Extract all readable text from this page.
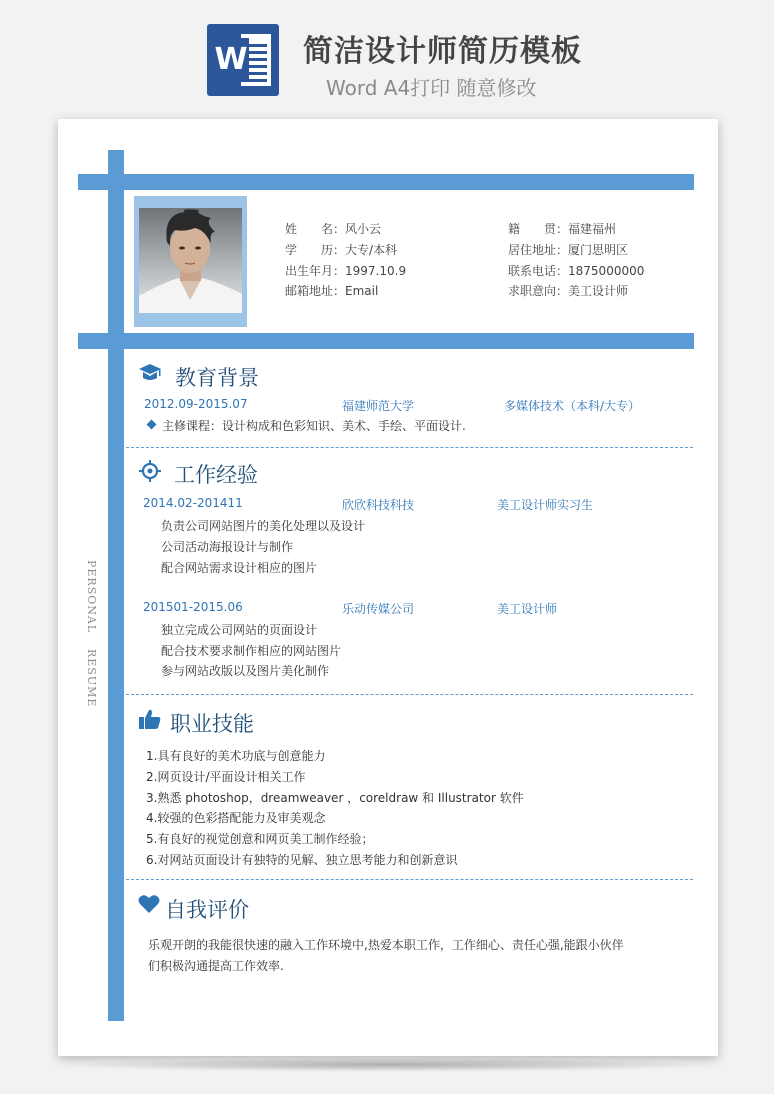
W 简洁设计师简历模板
Word A4打印 随意修改
姓　　名：风小云
学　　历：大专/本科
出生年月：1997.10.9
邮箱地址：Email
籍　　贯：福建福州
居住地址：厦门思明区
联系电话：1875000000
求职意向：美工设计师
PERSONAL
RESUME
教育背景
2012.09-2015.07	福建师范大学	多媒体技术（本科/大专）
主修课程：设计构成和色彩知识、美术、手绘、平面设计.
工作经验
2014.02-201411	欣欣科技科技	美工设计师实习生
负责公司网站图片的美化处理以及设计
公司活动海报设计与制作
配合网站需求设计相应的图片
201501-2015.06	乐动传媒公司	美工设计师
独立完成公司网站的页面设计
配合技术要求制作相应的网站图片
参与网站改版以及图片美化制作
职业技能
1.具有良好的美术功底与创意能力
2.网页设计/平面设计相关工作
3.熟悉 photoshop，dreamweaver ，coreldraw 和 Illustrator 软件
4.较强的色彩搭配能力及审美观念
5.有良好的视觉创意和网页美工制作经验；
6.对网站页面设计有独特的见解、独立思考能力和创新意识
自我评价
乐观开朗的我能很快速的融入工作环境中,热爱本职工作，工作细心、责任心强,能跟小伙伴
们积极沟通提高工作效率.
